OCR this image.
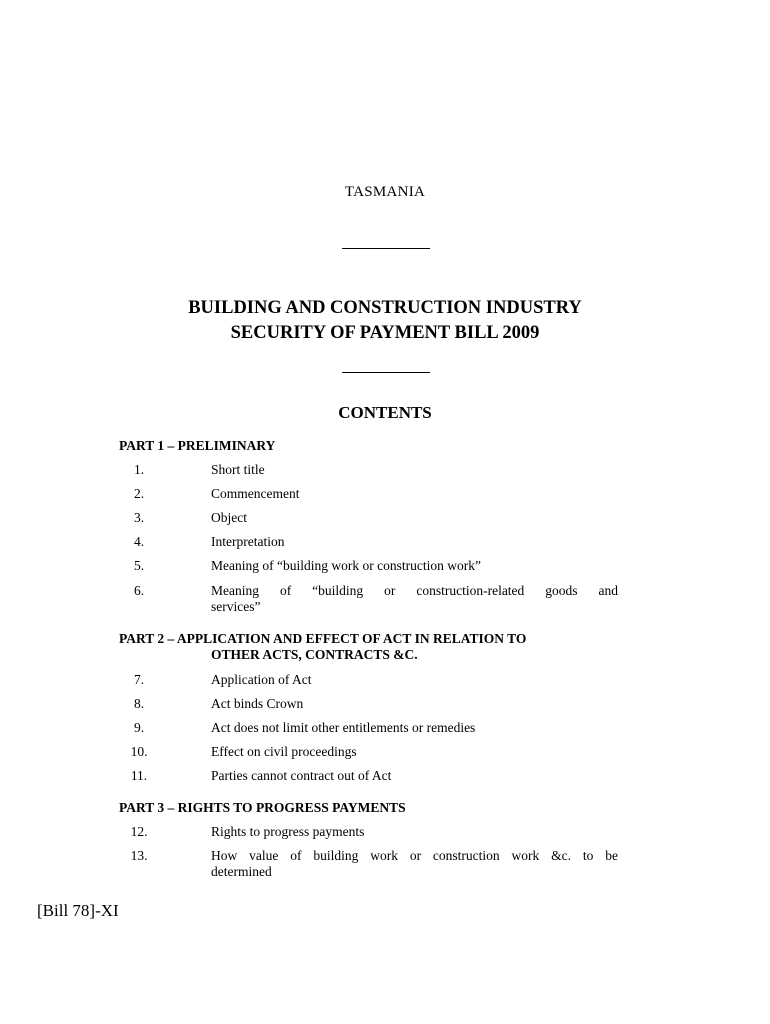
TASMANIA
BUILDING AND CONSTRUCTION INDUSTRY
SECURITY OF PAYMENT BILL 2009
CONTENTS
PART 1 – PRELIMINARY
1.	Short title
2.	Commencement
3.	Object
4.	Interpretation
5.	Meaning of “building work or construction work”
6.	Meaning of “building or construction-related goods and
services”
PART 2 – APPLICATION AND EFFECT OF ACT IN RELATION TO
OTHER ACTS, CONTRACTS &C.
7.	Application of Act
8.	Act binds Crown
9.	Act does not limit other entitlements or remedies
10.	Effect on civil proceedings
11.	Parties cannot contract out of Act
PART 3 – RIGHTS TO PROGRESS PAYMENTS
12.	Rights to progress payments
13.	How value of building work or construction work &c. to be
determined
[Bill 78]-XI
